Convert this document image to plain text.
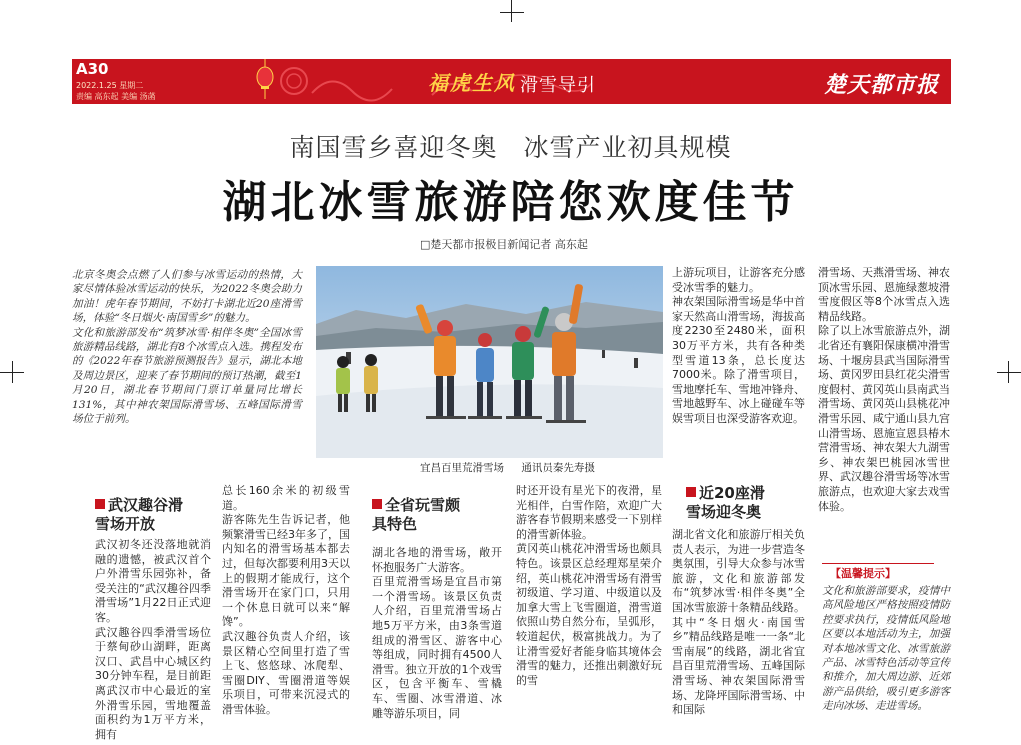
A30
2022.1.25 星期二
责编 高东起 美编 汤菡
福虎生风 滑雪导引	楚天都市报
南国雪乡喜迎冬奥　冰雪产业初具规模
湖北冰雪旅游陪您欢度佳节
□楚天都市报极目新闻记者 高东起

北京冬奥会点燃了人们参与冰雪运动的热情，大家尽情体验冰雪运动的快乐，为2022冬奥会助力加油！虎年春节期间，不妨打卡湖北近20座滑雪场，体验“冬日烟火·南国雪乡”的魅力。
文化和旅游部发布“筑梦冰雪·相伴冬奥”全国冰雪旅游精品线路，湖北有8个冰雪点入选。携程发布的《2022年春节旅游预测报告》显示，湖北本地及周边景区，迎来了春节期间的预订热潮，截至1月20日，湖北春节期间门票订单量同比增长131%，其中神农架国际滑雪场、五峰国际滑雪场位于前列。

宜昌百里荒滑雪场 通讯员秦先寿摄

上游玩项目，让游客充分感受冰雪季的魅力。
神农架国际滑雪场是华中首家天然高山滑雪场，海拔高度2230至2480米，面积30万平方米，共有各种类型雪道13条，总长度达7000米。除了滑雪项目，雪地摩托车、雪地冲锋舟、雪地越野车、冰上碰碰车等娱雪项目也深受游客欢迎。

滑雪场、天燕滑雪场、神农顶冰雪乐园、恩施绿葱坡滑雪度假区等8个冰雪点入选精品线路。
除了以上冰雪旅游点外，湖北省还有襄阳保康横冲滑雪场、十堰房县武当国际滑雪场、黄冈罗田县红花尖滑雪度假村、黄冈英山县南武当滑雪场、黄冈英山县桃花冲滑雪乐园、咸宁通山县九宫山滑雪场、恩施宣恩县椿木营滑雪场、神农架大九湖雪乡、神农架巴桃园冰雪世界、武汉趣谷滑雪场等冰雪旅游点，也欢迎大家去戏雪体验。

武汉趣谷滑
雪场开放

武汉初冬还没落地就消融的遗憾，被武汉首个户外滑雪乐园弥补，备受关注的“武汉趣谷四季滑雪场”1月22日正式迎客。
武汉趣谷四季滑雪场位于蔡甸砂山湖畔，距离汉口、武昌中心城区约30分钟车程，是目前距离武汉市中心最近的室外滑雪乐园，雪地覆盖面积约为1万平方米，拥有

总长160余米的初级雪道。
游客陈先生告诉记者，他频繁滑雪已经3年多了，国内知名的滑雪场基本都去过，但每次都要利用3天以上的假期才能成行，这个滑雪场开在家门口，只用一个休息日就可以来“解馋”。
武汉趣谷负责人介绍，该景区精心空间里打造了雪上飞、悠悠球、冰爬犁、雪圈DIY、雪圈滑道等娱乐项目，可带来沉浸式的滑雪体验。

全省玩雪颇
具特色

湖北各地的滑雪场，敞开怀抱服务广大游客。
百里荒滑雪场是宜昌市第一个滑雪场。该景区负责人介绍，百里荒滑雪场占地5万平方米，由3条雪道组成的滑雪区、游客中心等组成，同时拥有4500人滑雪。独立开放的1个戏雪区，包含平衡车、雪橇车、雪圈、冰雪滑道、冰雕等游乐项目，同

时还开设有星光下的夜滑，星光相伴，白雪作陪，欢迎广大游客春节假期来感受一下别样的滑雪新体验。
黄冈英山桃花冲滑雪场也颇具特色。该景区总经理郑星荣介绍，英山桃花冲滑雪场有滑雪初级道、学习道、中级道以及加拿大雪上飞雪圈道，滑雪道依照山势自然分布，呈弧形，较道起伏，极富挑战力。为了让滑雪爱好者能身临其境体会滑雪的魅力，还推出刺激好玩的雪

近20座滑
雪场迎冬奥

湖北省文化和旅游厅相关负责人表示，为进一步营造冬奥氛围，引导大众参与冰雪旅游，文化和旅游部发布“筑梦冰雪·相伴冬奥”全国冰雪旅游十条精品线路。其中“冬日烟火·南国雪乡”精品线路是唯一一条“北雪南展”的线路，湖北省宜昌百里荒滑雪场、五峰国际滑雪场、神农架国际滑雪场、龙降坪国际滑雪场、中和国际

【温馨提示】

文化和旅游部要求，疫情中高风险地区严格按照疫情防控要求执行，疫情低风险地区要以本地活动为主，加强对本地冰雪文化、冰雪旅游产品、冰雪特色活动等宣传和推介，加大周边游、近郊游产品供给，吸引更多游客走向冰场、走进雪场。
